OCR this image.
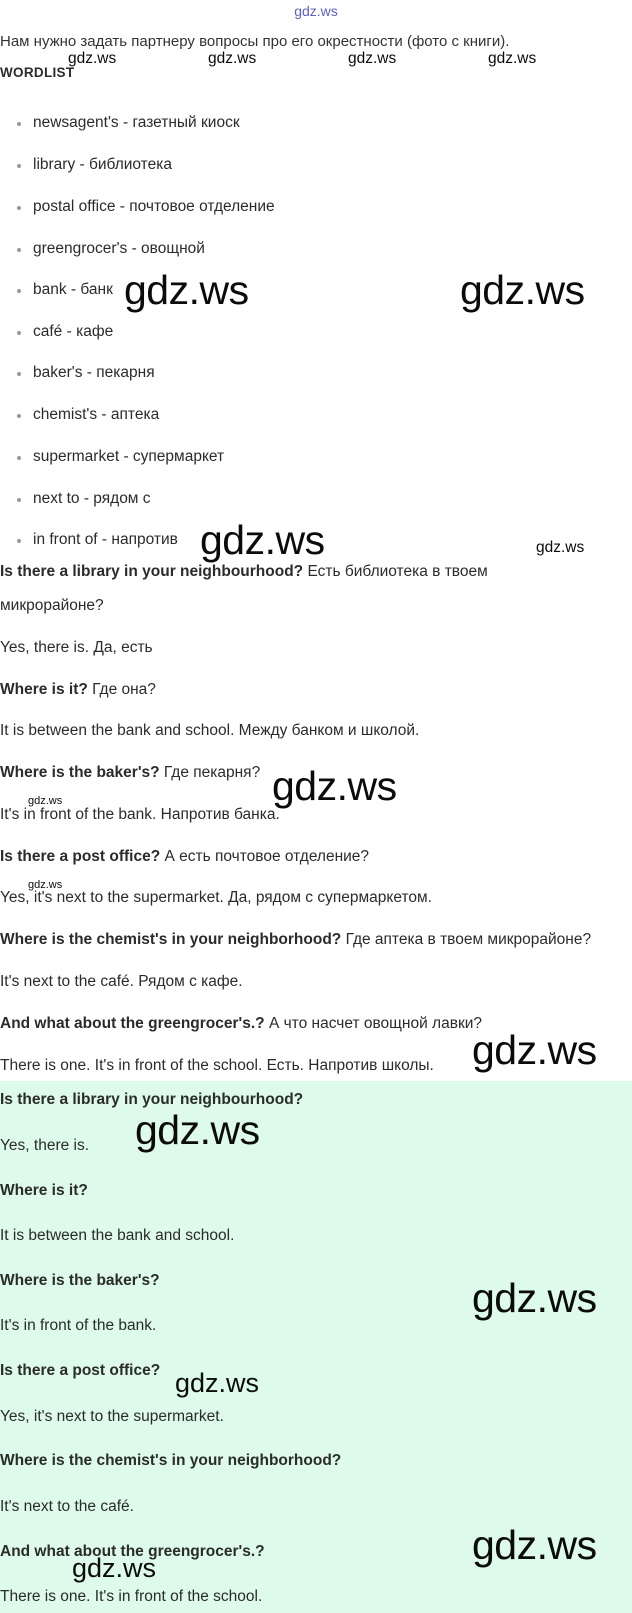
gdz.ws
Нам нужно задать партнеру вопросы про его окрестности (фото с книги).
WORDLIST
newsagent's - газетный киоск
library - библиотека
postal office - почтовое отделение
greengrocer's - овощной
bank - банк
café - кафе
baker's - пекарня
chemist's - аптека
supermarket - супермаркет
next to - рядом с
in front of - напротив
Is there a library in your neighbourhood? Есть библиотека в твоем
микрорайоне?
Yes, there is. Да, есть
Where is it? Где она?
It is between the bank and school. Между банком и школой.
Where is the baker's? Где пекарня?
It's in front of the bank. Напротив банка.
Is there a post office? А есть почтовое отделение?
Yes, it's next to the supermarket. Да, рядом с супермаркетом.
Where is the chemist's in your neighborhood? Где аптека в твоем микрорайоне?
It's next to the café. Рядом с кафе.
And what about the greengrocer's.? А что насчет овощной лавки?
There is one. It's in front of the school. Есть. Напротив школы.
Is there a library in your neighbourhood?
Yes, there is.
Where is it?
It is between the bank and school.
Where is the baker's?
It's in front of the bank.
Is there a post office?
Yes, it's next to the supermarket.
Where is the chemist's in your neighborhood?
It's next to the café.
And what about the greengrocer's.?
There is one. It's in front of the school.
gdz.ws	gdz.ws	gdz.ws	gdz.ws
gdz.ws	gdz.ws
gdz.ws	gdz.ws
gdz.ws
gdz.ws
gdz.ws
gdz.ws
gdz.ws
gdz.ws
gdz.ws
gdz.ws
gdz.ws
